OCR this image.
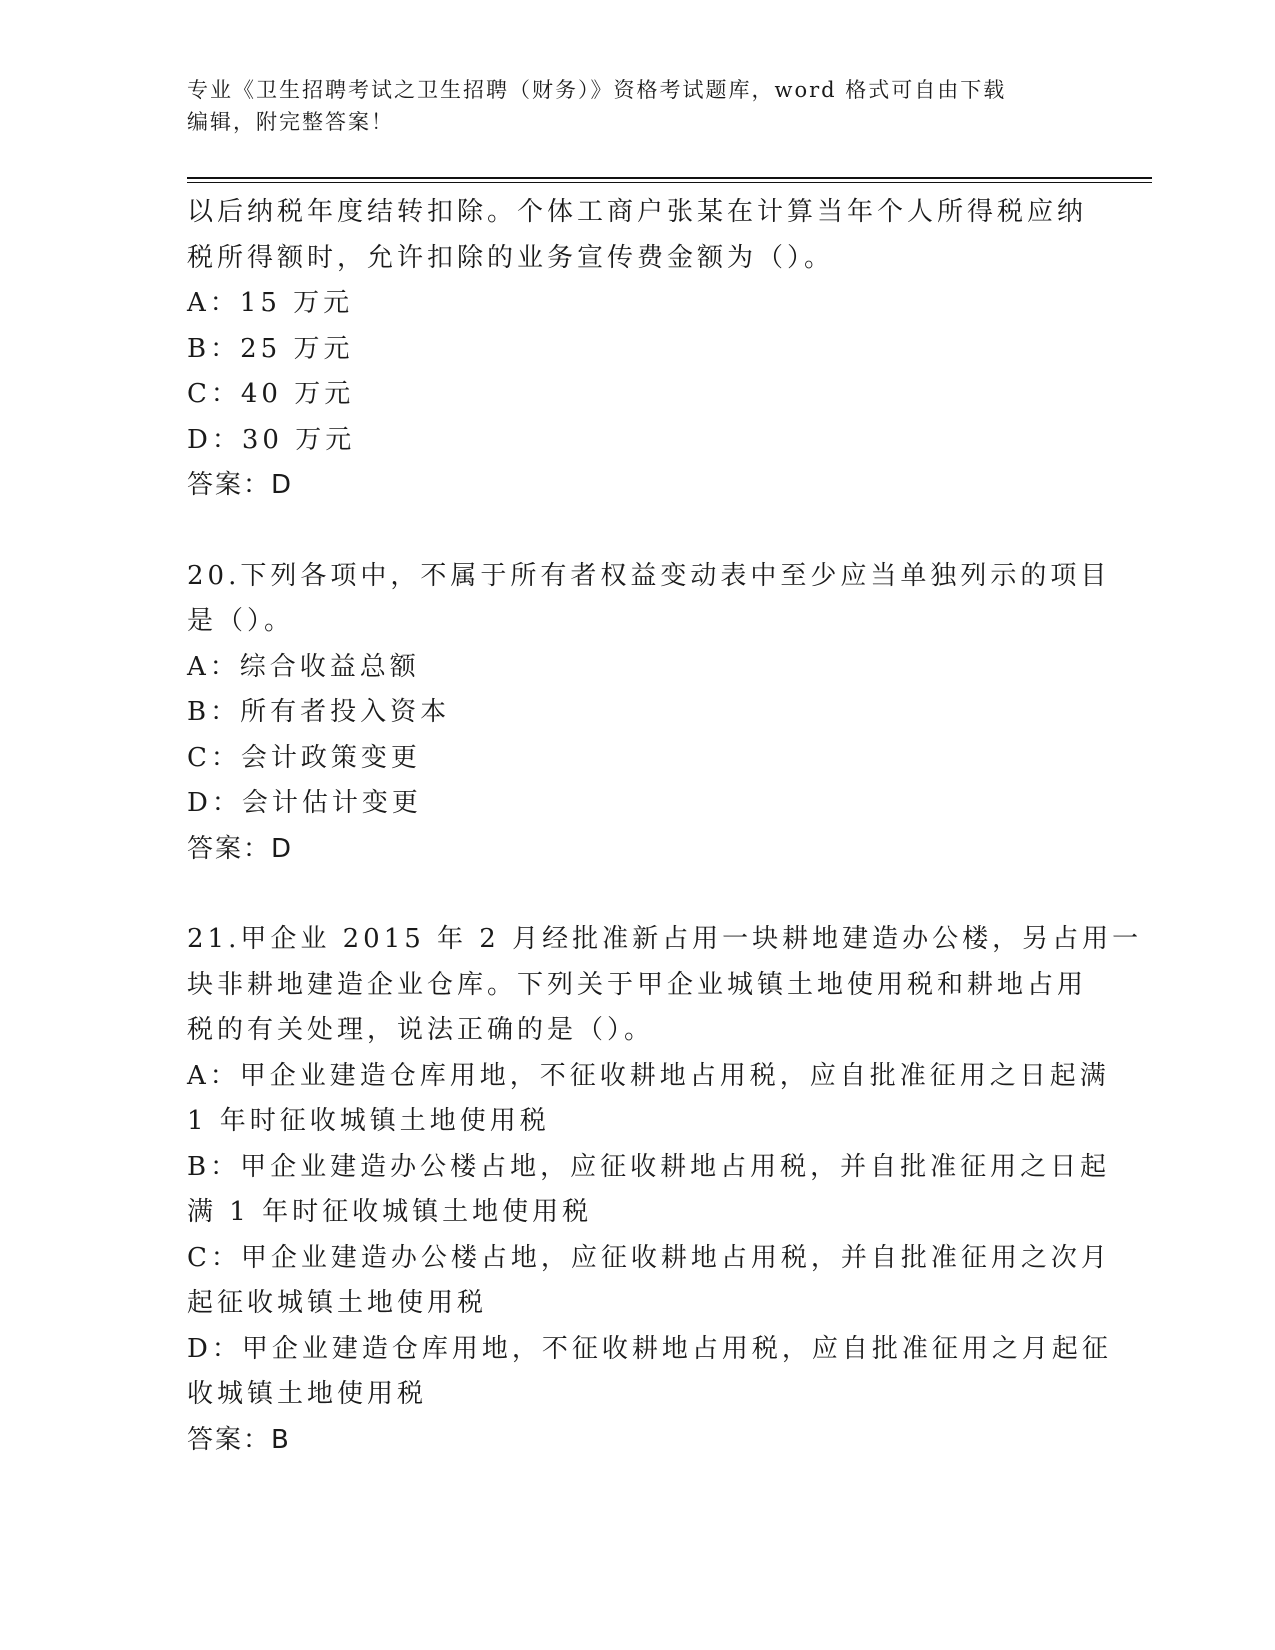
专业《卫生招聘考试之卫生招聘（财务）》资格考试题库，word 格式可自由下载
编辑，附完整答案！
以后纳税年度结转扣除。个体工商户张某在计算当年个人所得税应纳
税所得额时，允许扣除的业务宣传费金额为（）。
A：15 万元
B：25 万元
C：40 万元
D：30 万元
答案：D
20.下列各项中，不属于所有者权益变动表中至少应当单独列示的项目
是（）。
A：综合收益总额
B：所有者投入资本
C：会计政策变更
D：会计估计变更
答案：D
21.甲企业 2015 年 2 月经批准新占用一块耕地建造办公楼，另占用一
块非耕地建造企业仓库。下列关于甲企业城镇土地使用税和耕地占用
税的有关处理，说法正确的是（）。
A：甲企业建造仓库用地，不征收耕地占用税，应自批准征用之日起满
1 年时征收城镇土地使用税
B：甲企业建造办公楼占地，应征收耕地占用税，并自批准征用之日起
满 1 年时征收城镇土地使用税
C：甲企业建造办公楼占地，应征收耕地占用税，并自批准征用之次月
起征收城镇土地使用税
D：甲企业建造仓库用地，不征收耕地占用税，应自批准征用之月起征
收城镇土地使用税
答案：B
